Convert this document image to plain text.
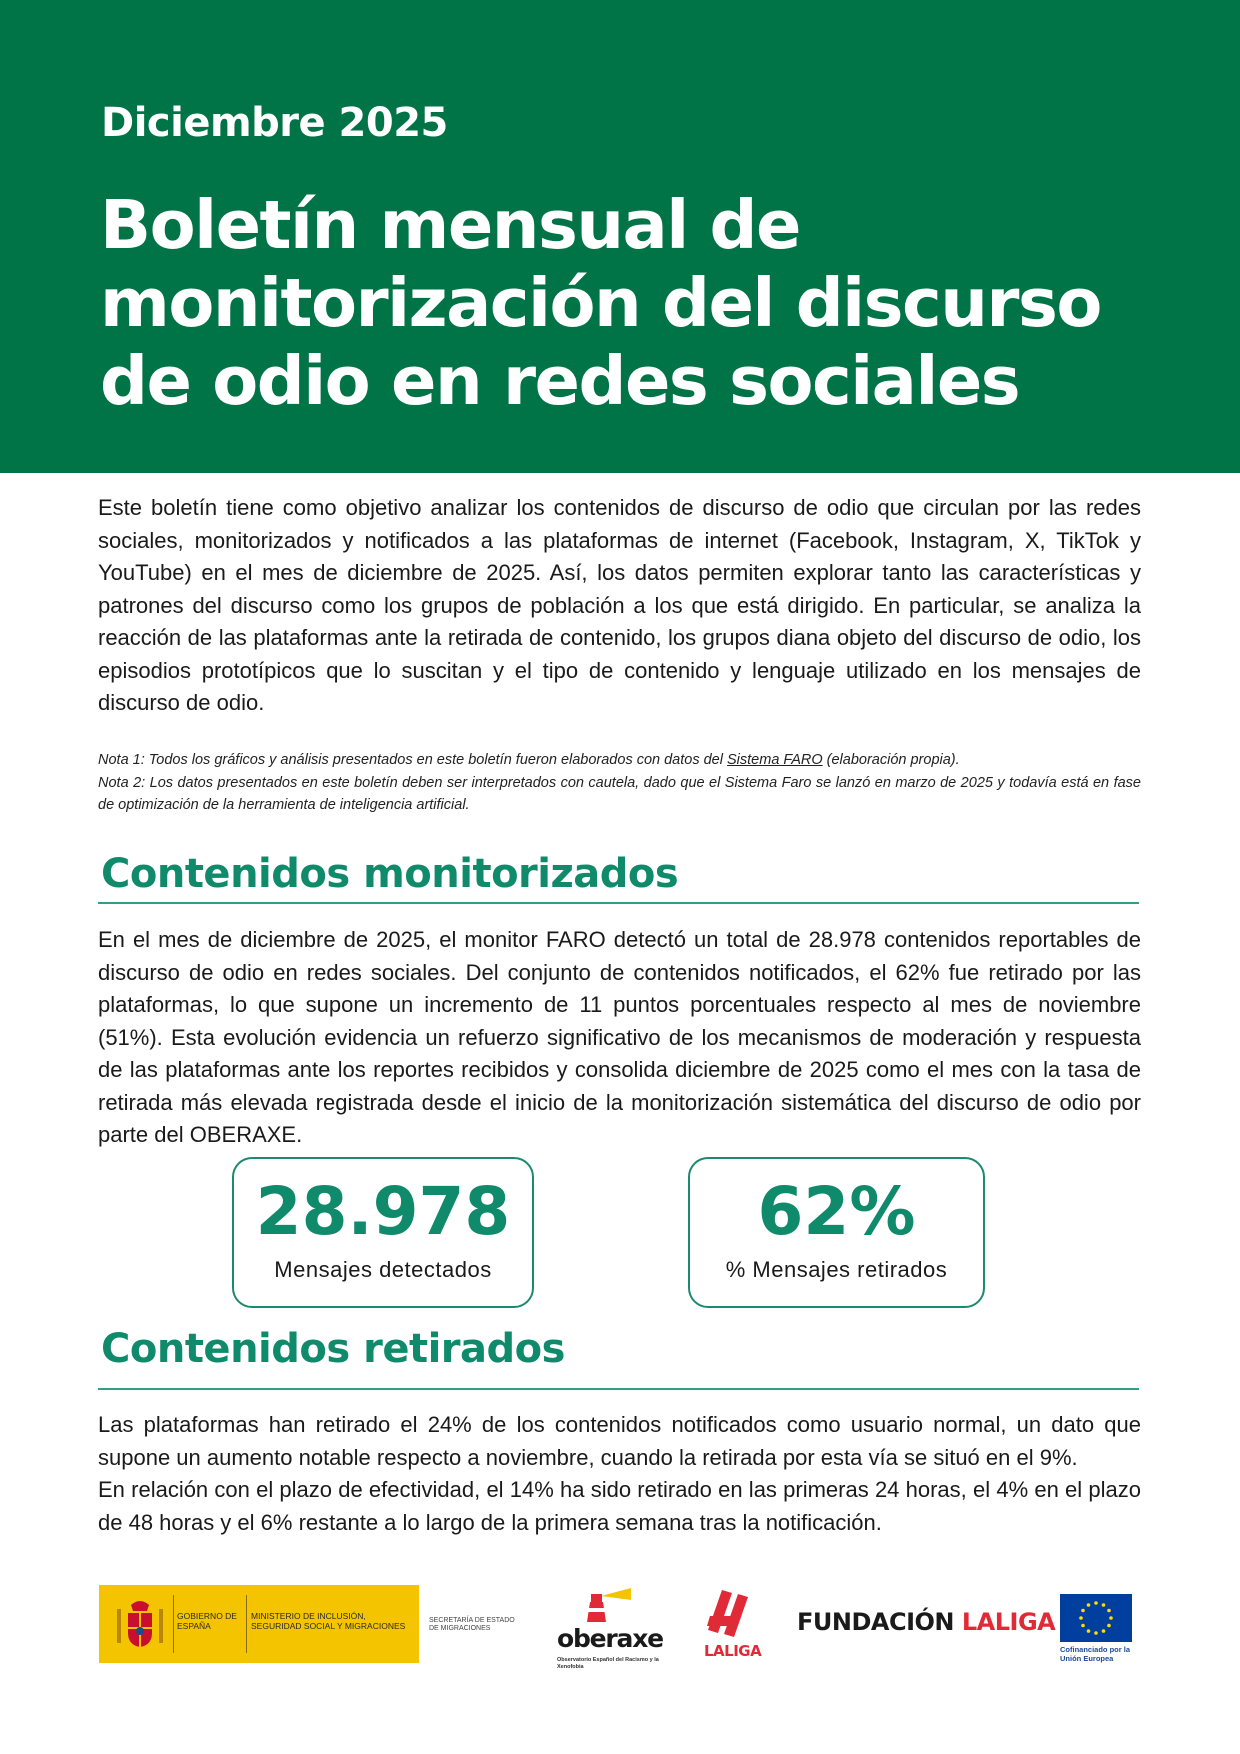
Diciembre 2025
Boletín mensual de monitorización del discurso de odio en redes sociales

Este boletín tiene como objetivo analizar los contenidos de discurso de odio que circulan por las redes sociales, monitorizados y notificados a las plataformas de internet (Facebook, Instagram, X, TikTok y YouTube) en el mes de diciembre de 2025. Así, los datos permiten explorar tanto las características y patrones del discurso como los grupos de población a los que está dirigido. En particular, se analiza la reacción de las plataformas ante la retirada de contenido, los grupos diana objeto del discurso de odio, los episodios prototípicos que lo suscitan y el tipo de contenido y lenguaje utilizado en los mensajes de discurso de odio.

Nota 1: Todos los gráficos y análisis presentados en este boletín fueron elaborados con datos del Sistema FARO (elaboración propia).
Nota 2: Los datos presentados en este boletín deben ser interpretados con cautela, dado que el Sistema Faro se lanzó en marzo de 2025 y todavía está en fase de optimización de la herramienta de inteligencia artificial.
Contenidos monitorizados

En el mes de diciembre de 2025, el monitor FARO detectó un total de 28.978 contenidos reportables de discurso de odio en redes sociales. Del conjunto de contenidos notificados, el 62% fue retirado por las plataformas, lo que supone un incremento de 11 puntos porcentuales respecto al mes de noviembre (51%). Esta evolución evidencia un refuerzo significativo de los mecanismos de moderación y respuesta de las plataformas ante los reportes recibidos y consolida diciembre de 2025 como el mes con la tasa de retirada más elevada registrada desde el inicio de la monitorización sistemática del discurso de odio por parte del OBERAXE.

28.978
Mensajes detectados
62%
% Mensajes retirados
Contenidos retirados
Las plataformas han retirado el 24% de los contenidos notificados como usuario normal, un dato que supone un aumento notable respecto a noviembre, cuando la retirada por esta vía se situó en el 9%.
En relación con el plazo de efectividad, el 14% ha sido retirado en las primeras 24 horas, el 4% en el plazo de 48 horas y el 6% restante a lo largo de la primera semana tras la notificación.
GOBIERNO DE ESPAÑA
MINISTERIO DE INCLUSIÓN, SEGURIDAD SOCIAL Y MIGRACIONES	SECRETARÍA DE ESTADO DE MIGRACIONES	oberaxe
Observatorio Español del Racismo y la Xenofobia
LALIGA
FUNDACIÓN LALIGA
Cofinanciado por la Unión Europea
